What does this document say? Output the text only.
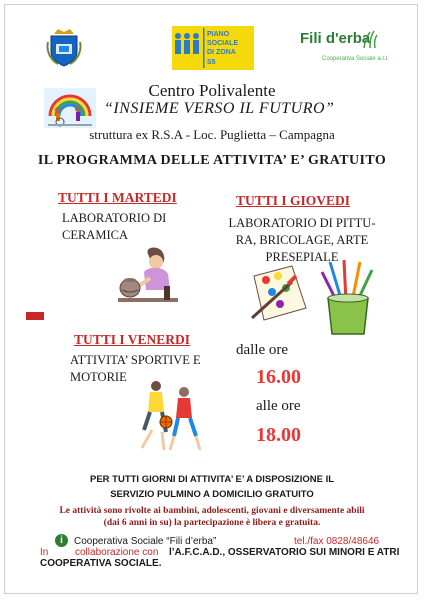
PIANO
SOCIALE
DI ZONA
S5
Fili d'erba
Cooperativa Sociale a.r.l.
Centro Polivalente
“INSIEME VERSO IL FUTURO”
struttura ex R.S.A - Loc. Puglietta – Campagna
IL PROGRAMMA DELLE ATTIVITA’ E’ GRATUITO
TUTTI I MARTEDI
LABORATORIO DI
CERAMICA
TUTTI I GIOVEDI
LABORATORIO DI PITTU-
RA, BRICOLAGE, ARTE
PRESEPIALE
TUTTI I VENERDI
ATTIVITA’ SPORTIVE E
MOTORIE
dalle ore
16.00
alle ore
18.00
PER TUTTI GIORNI DI ATTIVITA’ E’ A DISPOSIZIONE IL
SERVIZIO PULMINO A DOMICILIO GRATUITO
Le attività sono rivolte ai bambini, adolescenti, giovani e diversamente abili
(dai 6 anni in su) la partecipazione è libera e gratuita.
i	Cooperativa Sociale “Fili d’erba”	tel./fax 0828/48646
In	collaborazione con l’A.F.C.A.D., OSSERVATORIO SUI MINORI E ATRI
COOPERATIVA SOCIALE.
